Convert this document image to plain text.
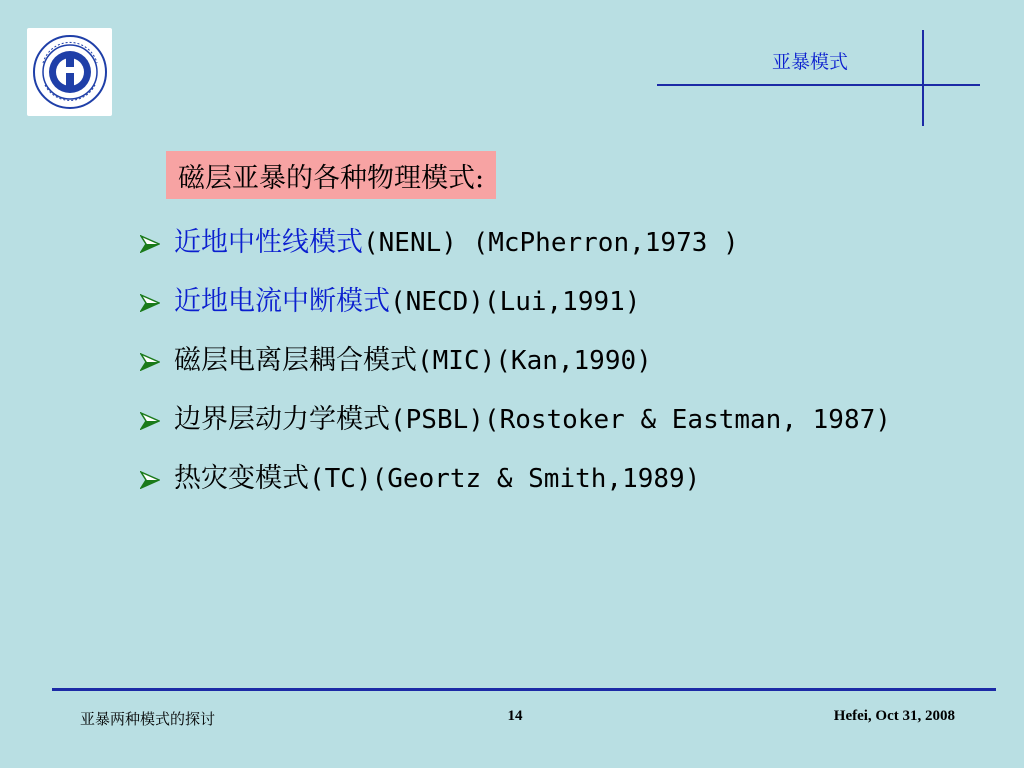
亚暴模式
磁层亚暴的各种物理模式:
近地中性线模式(NENL) (McPherron,1973 )
近地电流中断模式(NECD)(Lui,1991)
磁层电离层耦合模式(MIC)(Kan,1990)
边界层动力学模式(PSBL)(Rostoker & Eastman, 1987)
热灾变模式(TC)(Geortz & Smith,1989)
亚暴两种模式的探讨	14	Hefei, Oct 31, 2008
